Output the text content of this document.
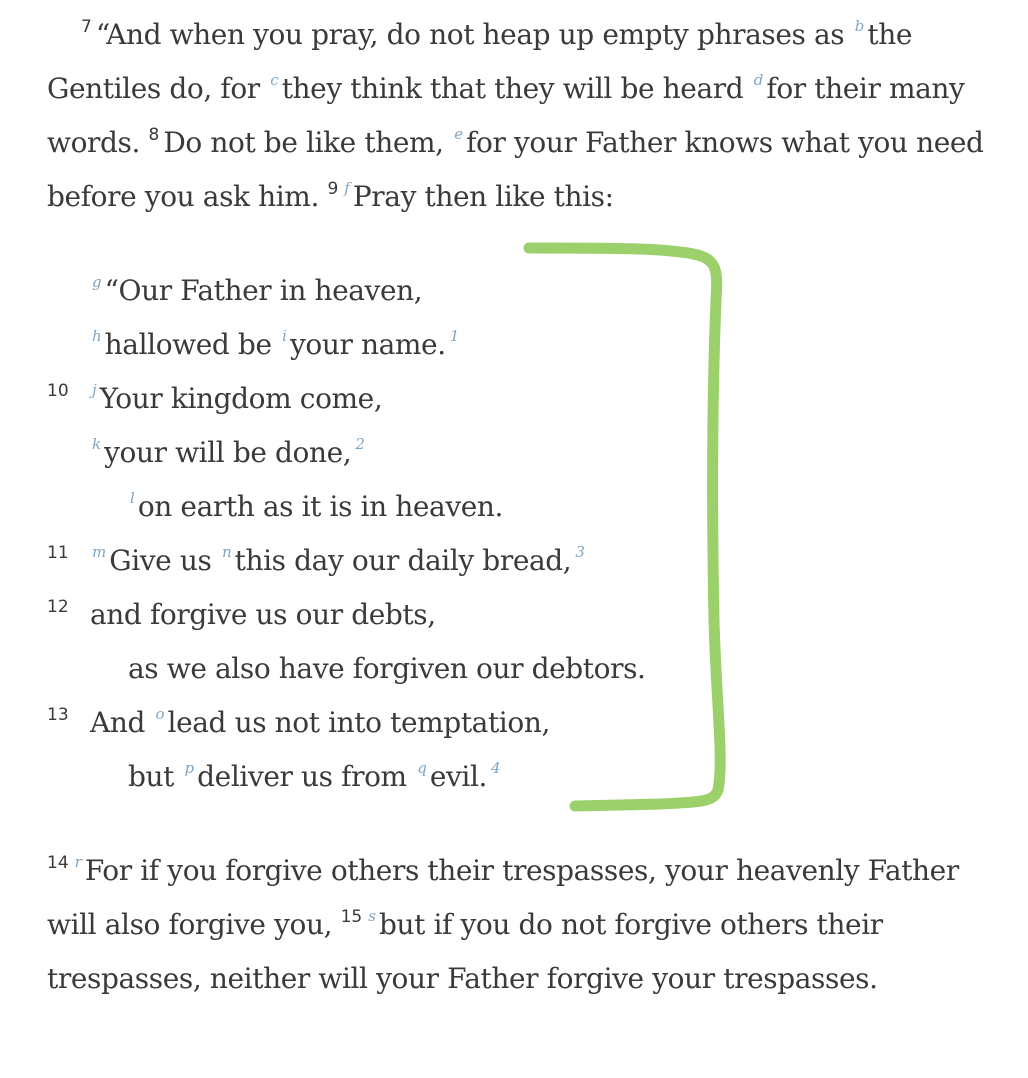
$^7$ “And when you pray, do not heap up empty phrases as $^b$ the Gentiles do, for $^c$ they think that they will be heard $^d$ for their many words. $^8$ Do not be like them, $^e$ for your Father knows what you need before you ask him. $^9$ $^f$ Pray then like this:
$^g$ “Our Father in heaven,
$^h$ hallowed be $^i$ your name. $^1$
10 $^j$ Your kingdom come,
$^k$ your will be done, $^2$
$^l$ on earth as it is in heaven.
11 $^m$ Give us $^n$ this day our daily bread, $^3$
12 and forgive us our debts,
as we also have forgiven our debtors.
13 And $^o$ lead us not into temptation,
but $^p$ deliver us from $^q$ evil. $^4$
$^{14}$ $^r$ For if you forgive others their trespasses, your heavenly Father will also forgive you, $^{15}$ $^s$ but if you do not forgive others their trespasses, neither will your Father forgive your trespasses.
